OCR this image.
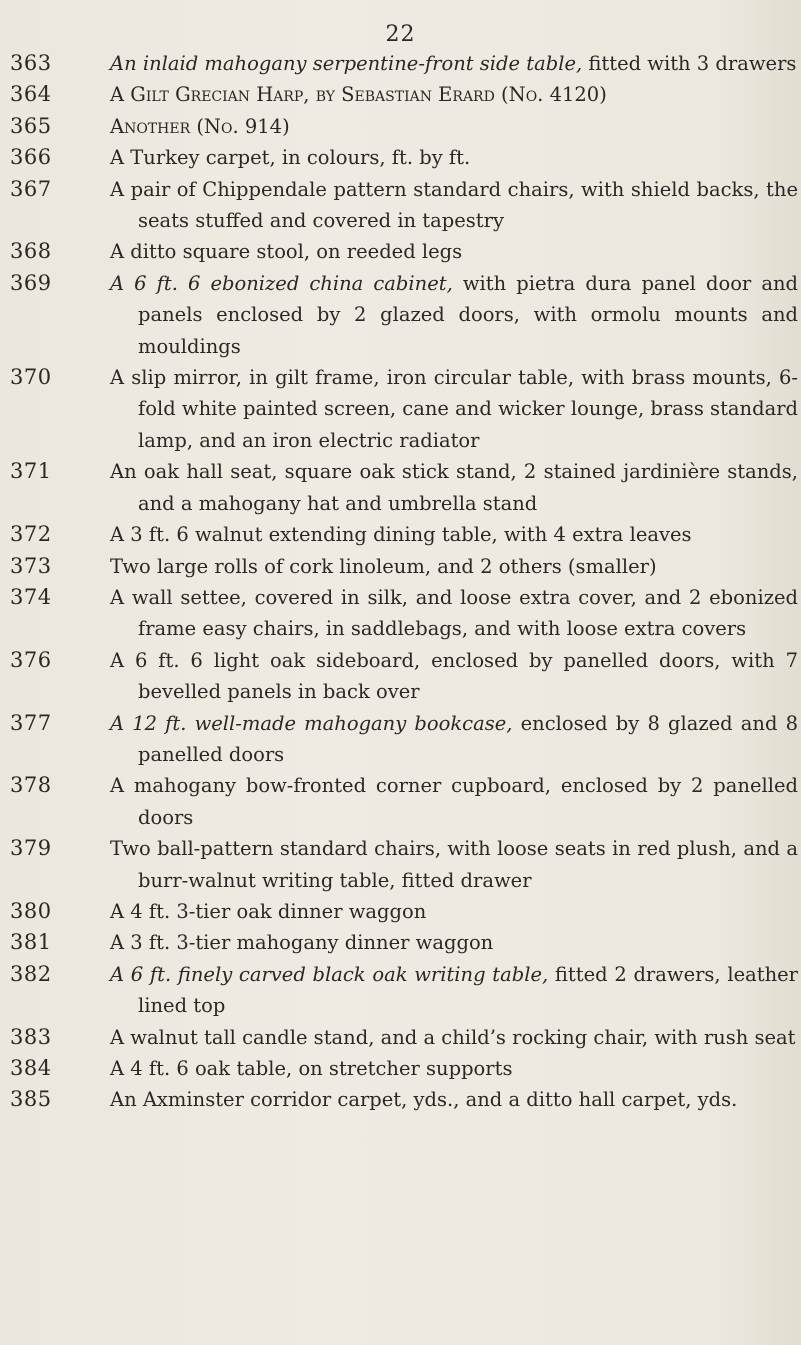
22
363	An inlaid mahogany serpentine-front side table, fitted with 3 drawers
364	A Gilt Grecian Harp, by Sebastian Erard (No. 4120)
365	Another (No. 914)
366	A Turkey carpet, in colours, ft. by ft.
367	A pair of Chippendale pattern standard chairs, with shield backs, the seats stuffed and covered in tapestry
368	A ditto square stool, on reeded legs
369	A 6 ft. 6 ebonized china cabinet, with pietra dura panel door and panels enclosed by 2 glazed doors, with ormolu mounts and mouldings
370	A slip mirror, in gilt frame, iron circular table, with brass mounts, 6-fold white painted screen, cane and wicker lounge, brass standard lamp, and an iron electric radiator
371	An oak hall seat, square oak stick stand, 2 stained jardinière stands, and a mahogany hat and umbrella stand
372	A 3 ft. 6 walnut extending dining table, with 4 extra leaves
373	Two large rolls of cork linoleum, and 2 others (smaller)
374	A wall settee, covered in silk, and loose extra cover, and 2 ebonized frame easy chairs, in saddlebags, and with loose extra covers
376	A 6 ft. 6 light oak sideboard, enclosed by panelled doors, with 7 bevelled panels in back over
377	A 12 ft. well-made mahogany bookcase, enclosed by 8 glazed and 8 panelled doors
378	A mahogany bow-fronted corner cupboard, enclosed by 2 panelled doors
379	Two ball-pattern standard chairs, with loose seats in red plush, and a burr-walnut writing table, fitted drawer
380	A 4 ft. 3-tier oak dinner waggon
381	A 3 ft. 3-tier mahogany dinner waggon
382	A 6 ft. finely carved black oak writing table, fitted 2 drawers, leather lined top
383	A walnut tall candle stand, and a child’s rocking chair, with rush seat
384	A 4 ft. 6 oak table, on stretcher supports
385	An Axminster corridor carpet, yds., and a ditto hall carpet, yds.
